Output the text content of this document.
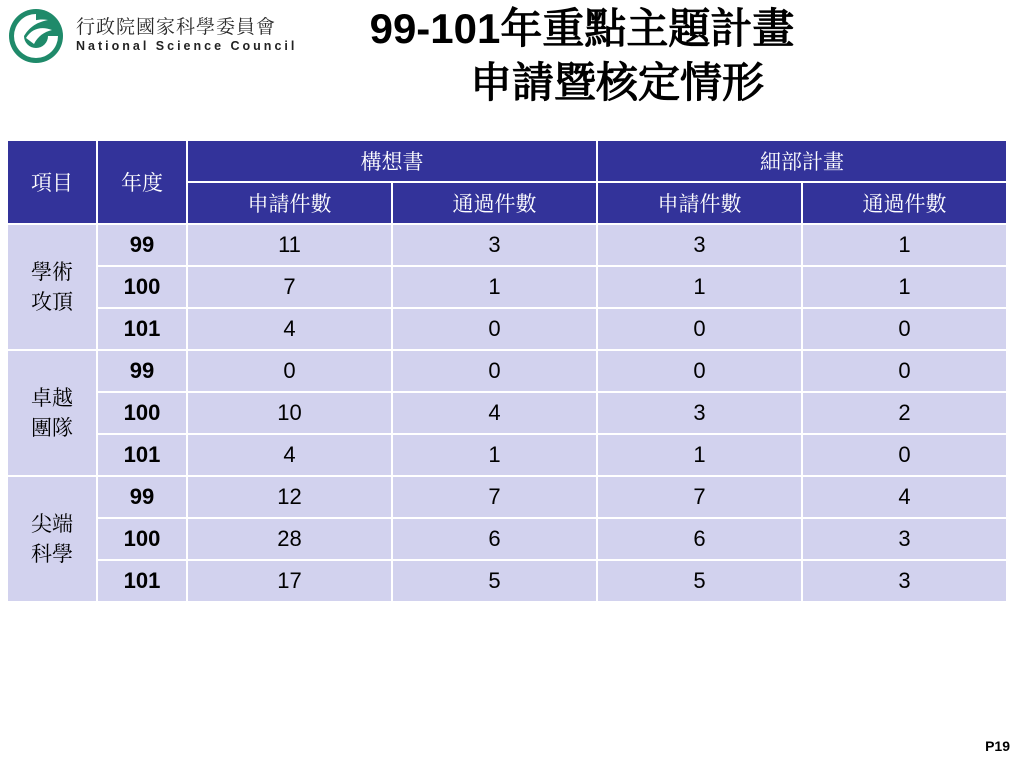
行政院國家科學委員會
National Science Council	99-101年重點主題計畫
申請暨核定情形
項目	年度	構想書		細部計畫	
		申請件數	通過件數	申請件數	通過件數

學術
攻頂	99	11	3	3	1
	100	7	1	1	1
	101	4	0	0	0

卓越
團隊	99	0	0	0	0
	100	10	4	3	2
	101	4	1	1	0

尖端
科學	99	12	7	7	4
	100	28	6	6	3
	101	17	5	5	3
P19
